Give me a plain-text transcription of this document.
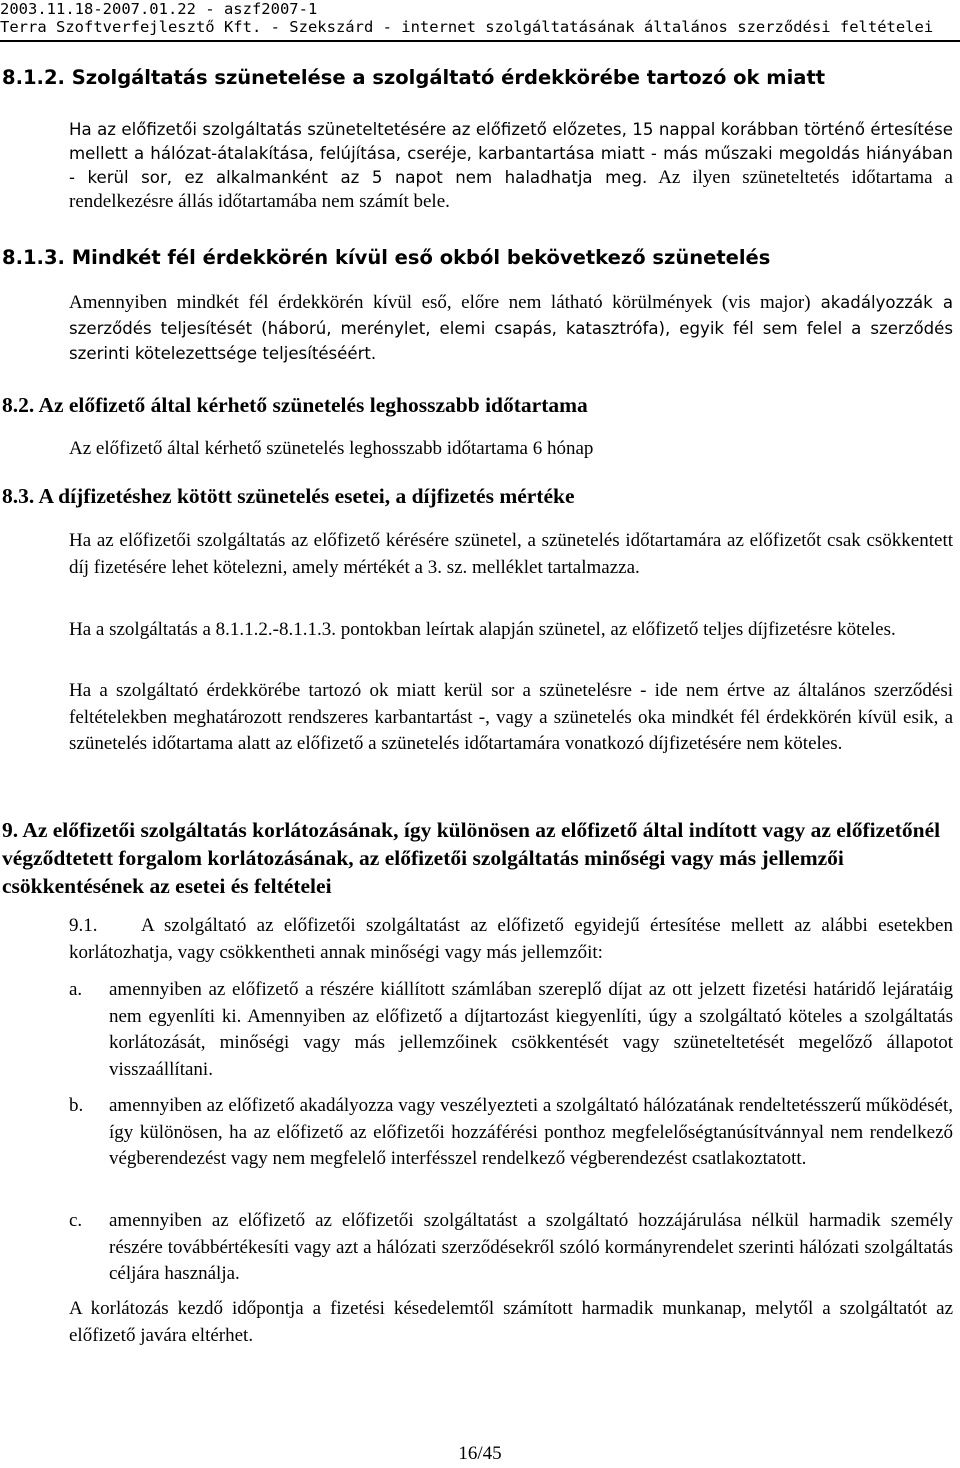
2003.11.18-2007.01.22 - aszf2007-1
Terra Szoftverfejlesztő Kft. - Szekszárd - internet szolgáltatásának általános szerződési feltételei
8.1.2. Szolgáltatás szünetelése a szolgáltató érdekkörébe tartozó ok miatt
Ha az előfizetői szolgáltatás szüneteltetésére az előfizető előzetes, 15 nappal korábban történő értesítése mellett a hálózat-átalakítása, felújítása, cseréje, karbantartása miatt - más műszaki megoldás hiányában - kerül sor, ez alkalmanként az 5 napot nem haladhatja meg. Az ilyen szüneteltetés időtartama a rendelkezésre állás időtartamába nem számít bele.
8.1.3. Mindkét fél érdekkörén kívül eső okból bekövetkező szünetelés
Amennyiben mindkét fél érdekkörén kívül eső, előre nem látható körülmények (vis major) akadályozzák a szerződés teljesítését (háború, merénylet, elemi csapás, katasztrófa), egyik fél sem felel a szerződés szerinti kötelezettsége teljesítéséért.
8.2. Az előfizető által kérhető szünetelés leghosszabb időtartama
Az előfizető által kérhető szünetelés leghosszabb időtartama 6 hónap
8.3. A díjfizetéshez kötött szünetelés esetei, a díjfizetés mértéke
Ha az előfizetői szolgáltatás az előfizető kérésére szünetel, a szünetelés időtartamára az előfizetőt csak csökkentett díj fizetésére lehet kötelezni, amely mértékét a 3. sz. melléklet tartalmazza.
Ha a szolgáltatás a 8.1.1.2.-8.1.1.3. pontokban leírtak alapján szünetel, az előfizető teljes díjfizetésre köteles.
Ha a szolgáltató érdekkörébe tartozó ok miatt kerül sor a szünetelésre - ide nem értve az általános szerződési feltételekben meghatározott rendszeres karbantartást -, vagy a szünetelés oka mindkét fél érdekkörén kívül esik, a szünetelés időtartama alatt az előfizető a szünetelés időtartamára vonatkozó díjfizetésére nem köteles.
9. Az előfizetői szolgáltatás korlátozásának, így különösen az előfizető által indított vagy az előfizetőnél végződtetett forgalom korlátozásának, az előfizetői szolgáltatás minőségi vagy más jellemzői csökkentésének az esetei és feltételei
9.1.	A szolgáltató az előfizetői szolgáltatást az előfizető egyidejű értesítése mellett az alábbi esetekben korlátozhatja, vagy csökkentheti annak minőségi vagy más jellemzőit:
a. amennyiben az előfizető a részére kiállított számlában szereplő díjat az ott jelzett fizetési határidő lejáratáig nem egyenlíti ki. Amennyiben az előfizető a díjtartozást kiegyenlíti, úgy a szolgáltató köteles a szolgáltatás korlátozását, minőségi vagy más jellemzőinek csökkentését vagy szüneteltetését megelőző állapotot visszaállítani.
b. amennyiben az előfizető akadályozza vagy veszélyezteti a szolgáltató hálózatának rendeltetésszerű működését, így különösen, ha az előfizető az előfizetői hozzáférési ponthoz megfelelőségtanúsítvánnyal nem rendelkező végberendezést vagy nem megfelelő interfésszel rendelkező végberendezést csatlakoztatott.
c. amennyiben az előfizető az előfizetői szolgáltatást a szolgáltató hozzájárulása nélkül harmadik személy részére továbbértékesíti vagy azt a hálózati szerződésekről szóló kormányrendelet szerinti hálózati szolgáltatás céljára használja.
A korlátozás kezdő időpontja a fizetési késedelemtől számított harmadik munkanap, melytől a szolgáltatót az előfizető javára eltérhet.
16/45
